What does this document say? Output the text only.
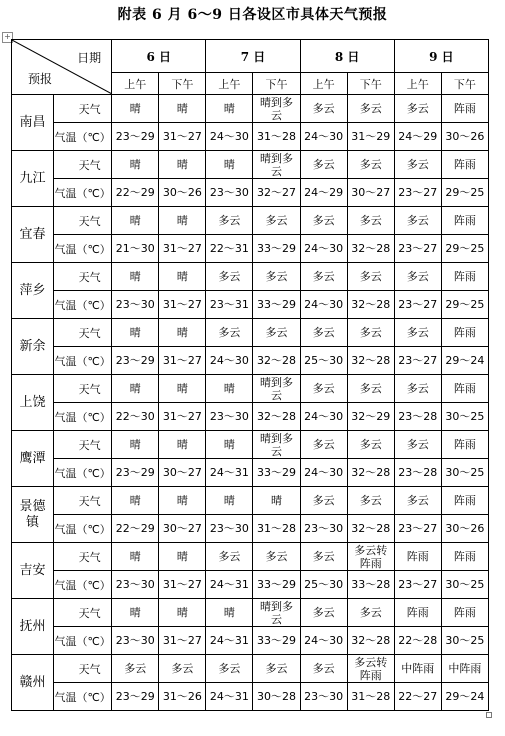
附表 6 月 6～9 日各设区市具体天气预报
+
日期
预报		6 日		7 日		8 日		9 日	
		上午	下午	上午	下午	上午	下午	上午	下午
南昌	天气	晴	晴	晴	晴到多云	多云	多云	多云	阵雨
	气温（℃）	23～29	31～27	24～30	31～28	24～30	31～29	24～29	30～26
九江	天气	晴	晴	晴	晴到多云	多云	多云	多云	阵雨
	气温（℃）	22～29	30～26	23～30	32～27	24～29	30～27	23～27	29～25
宜春	天气	晴	晴	多云	多云	多云	多云	多云	阵雨
	气温（℃）	21～30	31～27	22～31	33～29	24～30	32～28	23～27	29～25
萍乡	天气	晴	晴	多云	多云	多云	多云	多云	阵雨
	气温（℃）	23～30	31～27	23～31	33～29	24～30	32～28	23～27	29～25
新余	天气	晴	晴	多云	多云	多云	多云	多云	阵雨
	气温（℃）	23～29	31～27	24～30	32～28	25～30	32～28	23～27	29～24
上饶	天气	晴	晴	晴	晴到多云	多云	多云	多云	阵雨
	气温（℃）	22～30	31～27	23～30	32～28	24～30	32～29	23～28	30～25
鹰潭	天气	晴	晴	晴	晴到多云	多云	多云	多云	阵雨
	气温（℃）	23～29	30～27	24～31	33～29	24～30	32～28	23～28	30～25
景德镇	天气	晴	晴	晴	晴	多云	多云	多云	阵雨
	气温（℃）	22～29	30～27	23～30	31～28	23～30	32～28	23～27	30～26
吉安	天气	晴	晴	多云	多云	多云	多云转阵雨	阵雨	阵雨
	气温（℃）	23～30	31～27	24～31	33～29	25～30	33～28	23～27	30～25
抚州	天气	晴	晴	晴	晴到多云	多云	多云	阵雨	阵雨
	气温（℃）	23～30	31～27	24～31	33～29	24～30	32～28	22～28	30～25
赣州	天气	多云	多云	多云	多云	多云	多云转阵雨	中阵雨	中阵雨
	气温（℃）	23～29	31～26	24～31	30～28	23～30	31～28	22～27	29～24
